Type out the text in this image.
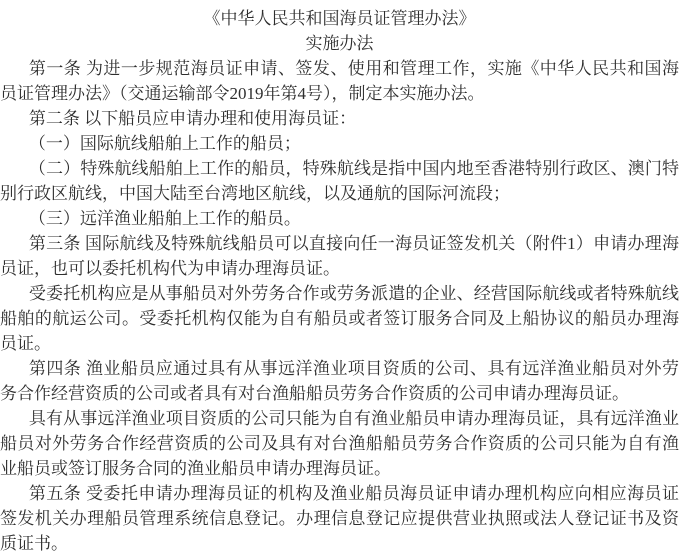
《中华人民共和国海员证管理办法》
实施办法

第一条 为进一步规范海员证申请、签发、使用和管理工作，实施《中华人民共和国海员证管理办法》（交通运输部令2019年第4号），制定本实施办法。

第二条 以下船员应申请办理和使用海员证：

（一）国际航线船舶上工作的船员；

（二）特殊航线船舶上工作的船员，特殊航线是指中国内地至香港特别行政区、澳门特别行政区航线，中国大陆至台湾地区航线，以及通航的国际河流段；

（三）远洋渔业船舶上工作的船员。

第三条 国际航线及特殊航线船员可以直接向任一海员证签发机关（附件1）申请办理海员证，也可以委托机构代为申请办理海员证。

受委托机构应是从事船员对外劳务合作或劳务派遣的企业、经营国际航线或者特殊航线船舶的航运公司。受委托机构仅能为自有船员或者签订服务合同及上船协议的船员办理海员证。

第四条 渔业船员应通过具有从事远洋渔业项目资质的公司、具有远洋渔业船员对外劳务合作经营资质的公司或者具有对台渔船船员劳务合作资质的公司申请办理海员证。

具有从事远洋渔业项目资质的公司只能为自有渔业船员申请办理海员证，具有远洋渔业船员对外劳务合作经营资质的公司及具有对台渔船船员劳务合作资质的公司只能为自有渔业船员或签订服务合同的渔业船员申请办理海员证。

第五条 受委托申请办理海员证的机构及渔业船员海员证申请办理机构应向相应海员证签发机关办理船员管理系统信息登记。办理信息登记应提供营业执照或法人登记证书及资质证书。
